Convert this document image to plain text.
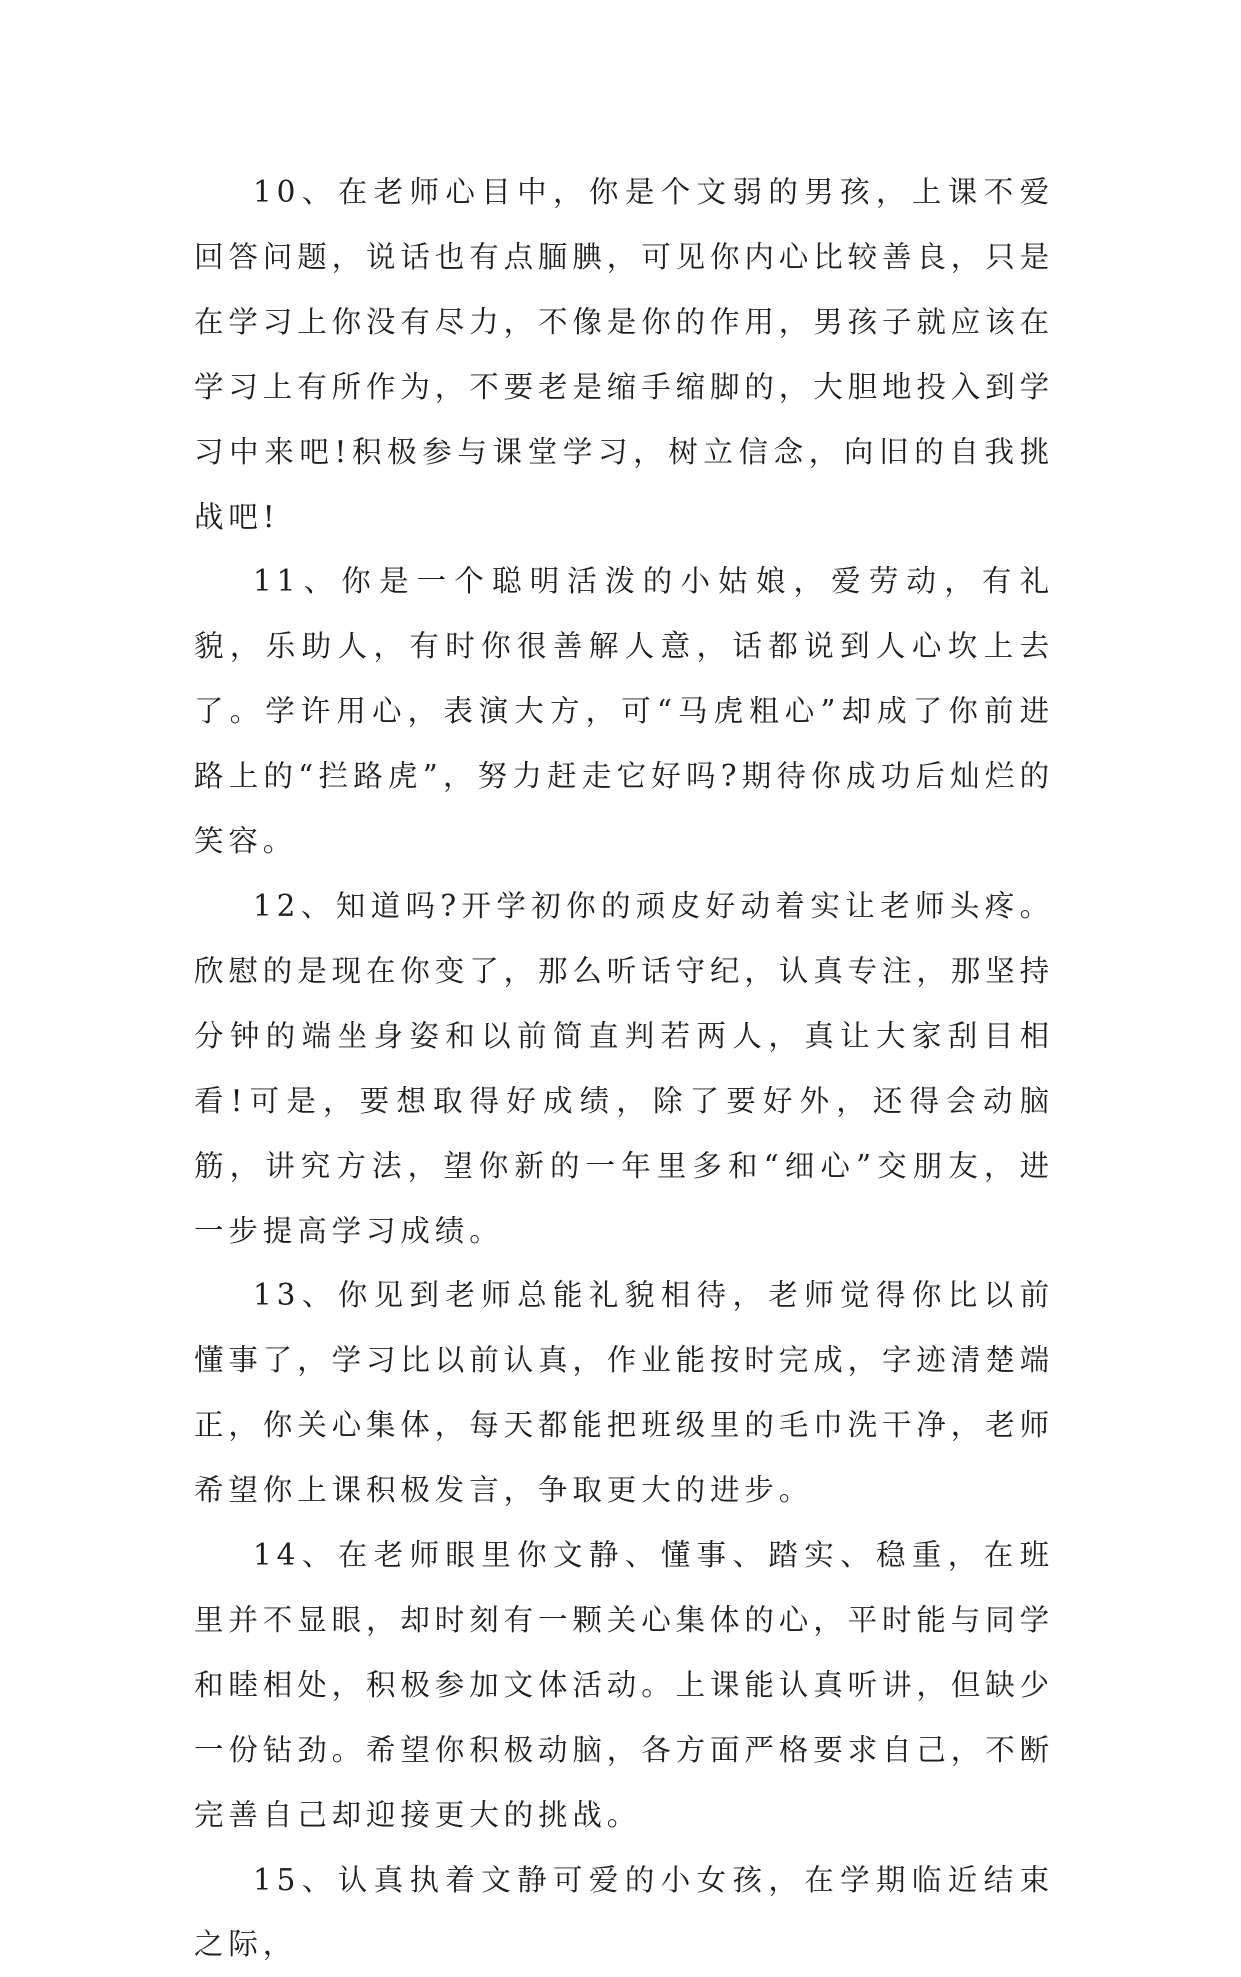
10、在老师心目中，你是个文弱的男孩，上课不爱回答问题，说话也有点腼腆，可见你内心比较善良，只是在学习上你没有尽力，不像是你的作用，男孩子就应该在学习上有所作为，不要老是缩手缩脚的，大胆地投入到学习中来吧!积极参与课堂学习，树立信念，向旧的自我挑战吧!

11、你是一个聪明活泼的小姑娘，爱劳动，有礼貌，乐助人，有时你很善解人意，话都说到人心坎上去了。学许用心，表演大方，可“马虎粗心”却成了你前进路上的“拦路虎”，努力赶走它好吗?期待你成功后灿烂的笑容。

12、知道吗?开学初你的顽皮好动着实让老师头疼。欣慰的是现在你变了，那么听话守纪，认真专注，那坚持分钟的端坐身姿和以前简直判若两人，真让大家刮目相看!可是，要想取得好成绩，除了要好外，还得会动脑筋，讲究方法，望你新的一年里多和“细心”交朋友，进一步提高学习成绩。

13、你见到老师总能礼貌相待，老师觉得你比以前懂事了，学习比以前认真，作业能按时完成，字迹清楚端正，你关心集体，每天都能把班级里的毛巾洗干净，老师希望你上课积极发言，争取更大的进步。

14、在老师眼里你文静、懂事、踏实、稳重，在班里并不显眼，却时刻有一颗关心集体的心，平时能与同学和睦相处，积极参加文体活动。上课能认真听讲，但缺少一份钻劲。希望你积极动脑，各方面严格要求自己，不断完善自己却迎接更大的挑战。

15、认真执着文静可爱的小女孩，在学期临近结束之际，
